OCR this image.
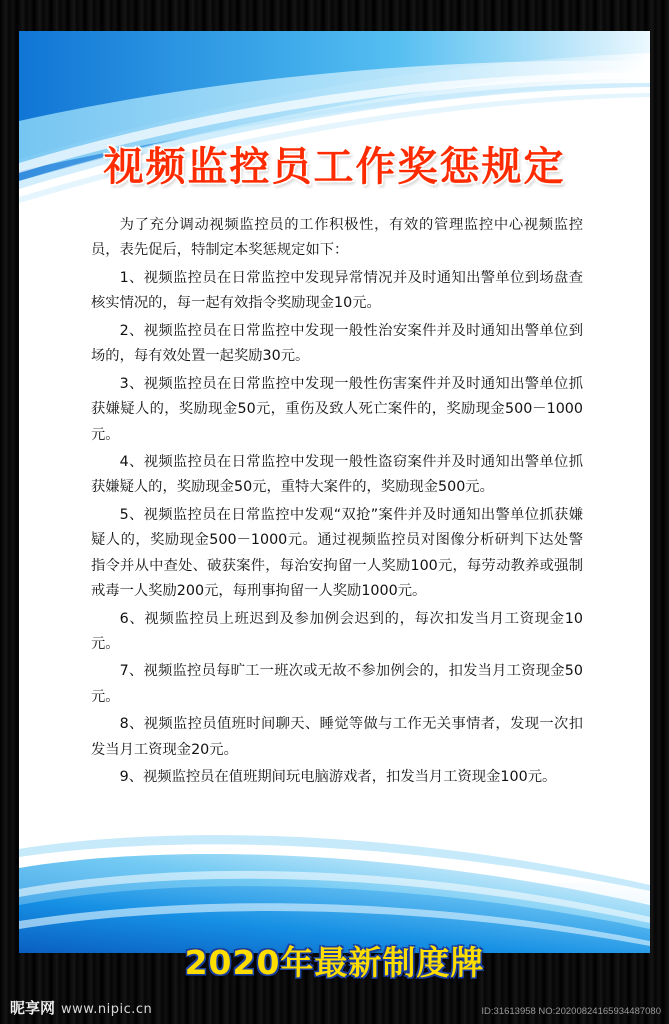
视频监控员工作奖惩规定

为了充分调动视频监控员的工作积极性，有效的管理监控中心视频监控员，表先促后，特制定本奖惩规定如下：

1、视频监控员在日常监控中发现异常情况并及时通知出警单位到场盘查核实情况的，每一起有效指令奖励现金10元。

2、视频监控员在日常监控中发现一般性治安案件并及时通知出警单位到场的，每有效处置一起奖励30元。

3、视频监控员在日常监控中发现一般性伤害案件并及时通知出警单位抓获嫌疑人的，奖励现金50元，重伤及致人死亡案件的，奖励现金500－1000元。

4、视频监控员在日常监控中发现一般性盗窃案件并及时通知出警单位抓获嫌疑人的，奖励现金50元，重特大案件的，奖励现金500元。

5、视频监控员在日常监控中发观“双抢”案件并及时通知出警单位抓获嫌疑人的，奖励现金500－1000元。通过视频监控员对图像分析研判下达处警指令并从中查处、破获案件，每治安拘留一人奖励100元，每劳动教养或强制戒毒一人奖励200元，每刑事拘留一人奖励1000元。

6、视频监控员上班迟到及参加例会迟到的，每次扣发当月工资现金10元。

7、视频监控员每旷工一班次或无故不参加例会的，扣发当月工资现金50元。

8、视频监控员值班时间聊天、睡觉等做与工作无关事情者，发现一次扣发当月工资现金20元。

9、视频监控员在值班期间玩电脑游戏者，扣发当月工资现金100元。

2020年最新制度牌
昵享网 www.nipic.cn	ID:31613958 NO:20200824165934487080
